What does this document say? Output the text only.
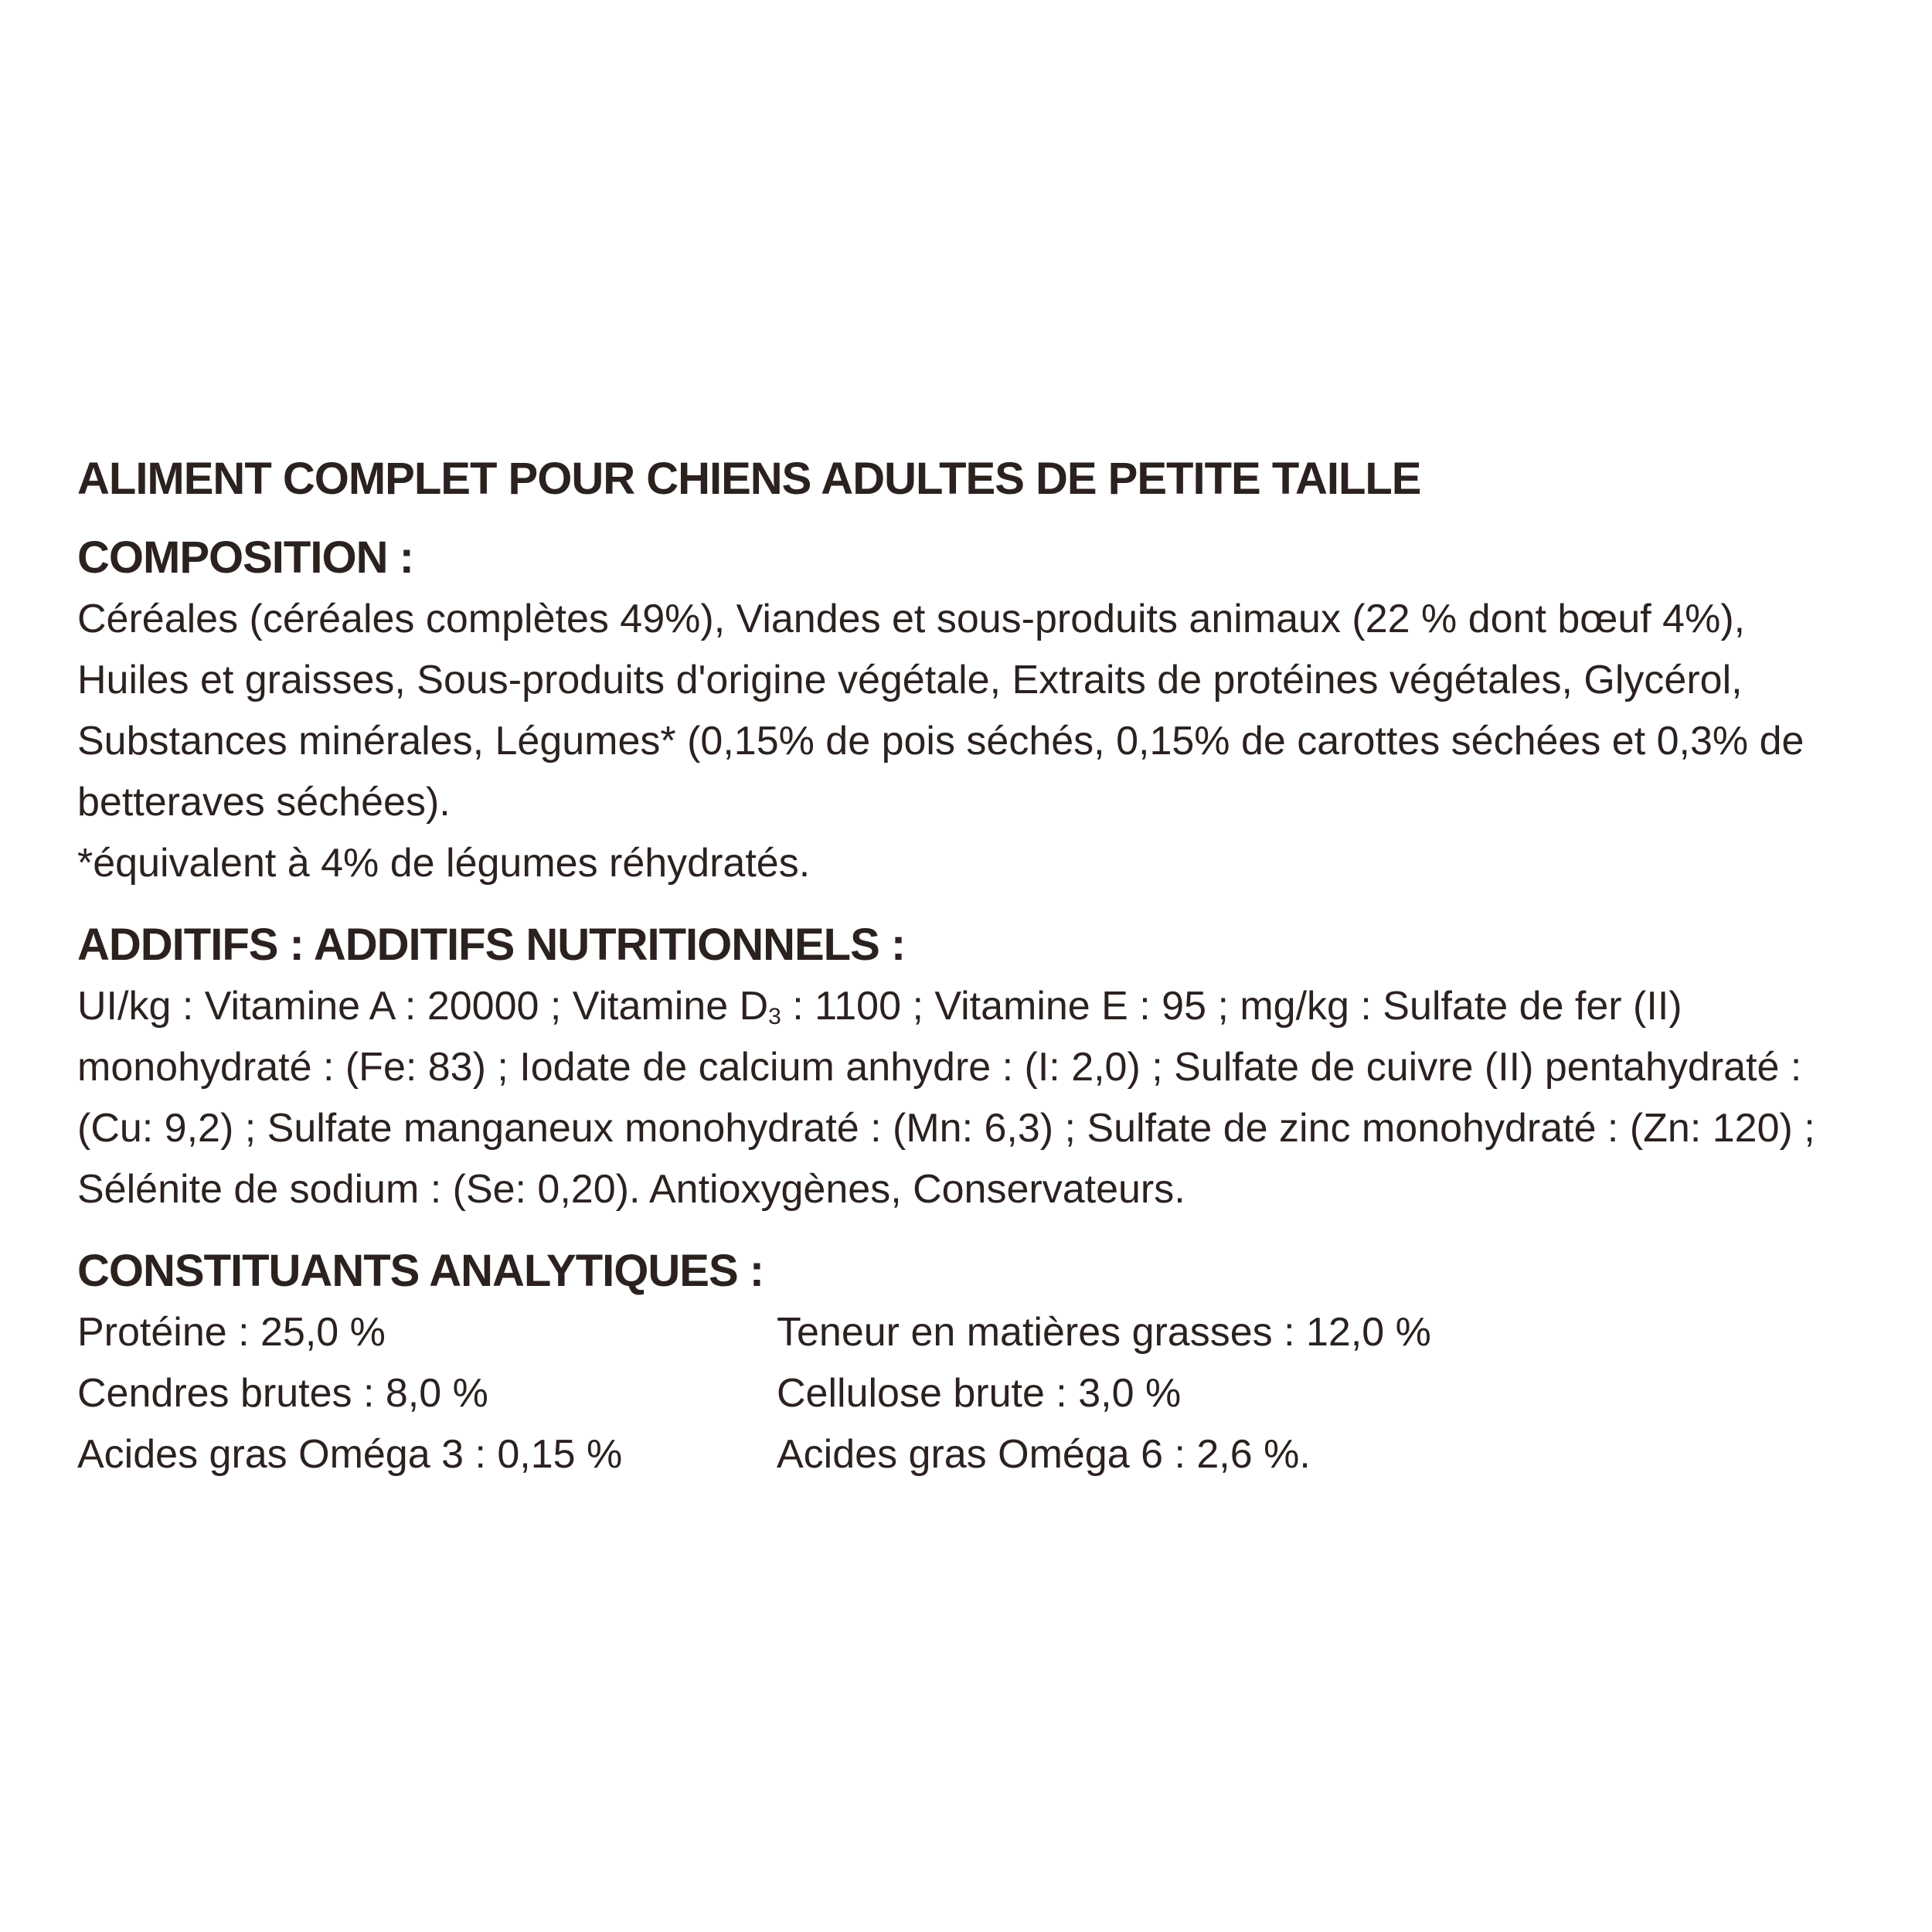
ALIMENT COMPLET POUR CHIENS ADULTES DE PETITE TAILLE
COMPOSITION :

Céréales (céréales complètes 49%), Viandes et sous-produits animaux (22 % dont bœuf 4%),
Huiles et graisses, Sous-produits d'origine végétale, Extraits de protéines végétales, Glycérol,
Substances minérales, Légumes* (0,15% de pois séchés, 0,15% de carottes séchées et 0,3% de
betteraves séchées).
*équivalent à 4% de légumes réhydratés.

ADDITIFS : ADDITIFS NUTRITIONNELS :

UI/kg : Vitamine A : 20000 ; Vitamine $D_3$ : 1100 ; Vitamine E : 95 ; mg/kg : Sulfate de fer (II)
monohydraté : (Fe: 83) ; Iodate de calcium anhydre : (I: 2,0) ; Sulfate de cuivre (II) pentahydraté :
(Cu: 9,2) ; Sulfate manganeux monohydraté : (Mn: 6,3) ; Sulfate de zinc monohydraté : (Zn: 120) ;
Sélénite de sodium : (Se: 0,20). Antioxygènes, Conservateurs.

CONSTITUANTS ANALYTIQUES :
Protéine : 25,0 %	Teneur en matières grasses : 12,0 %
Cendres brutes : 8,0 %	Cellulose brute : 3,0 %
Acides gras Oméga 3 : 0,15 %	Acides gras Oméga 6 : 2,6 %.
